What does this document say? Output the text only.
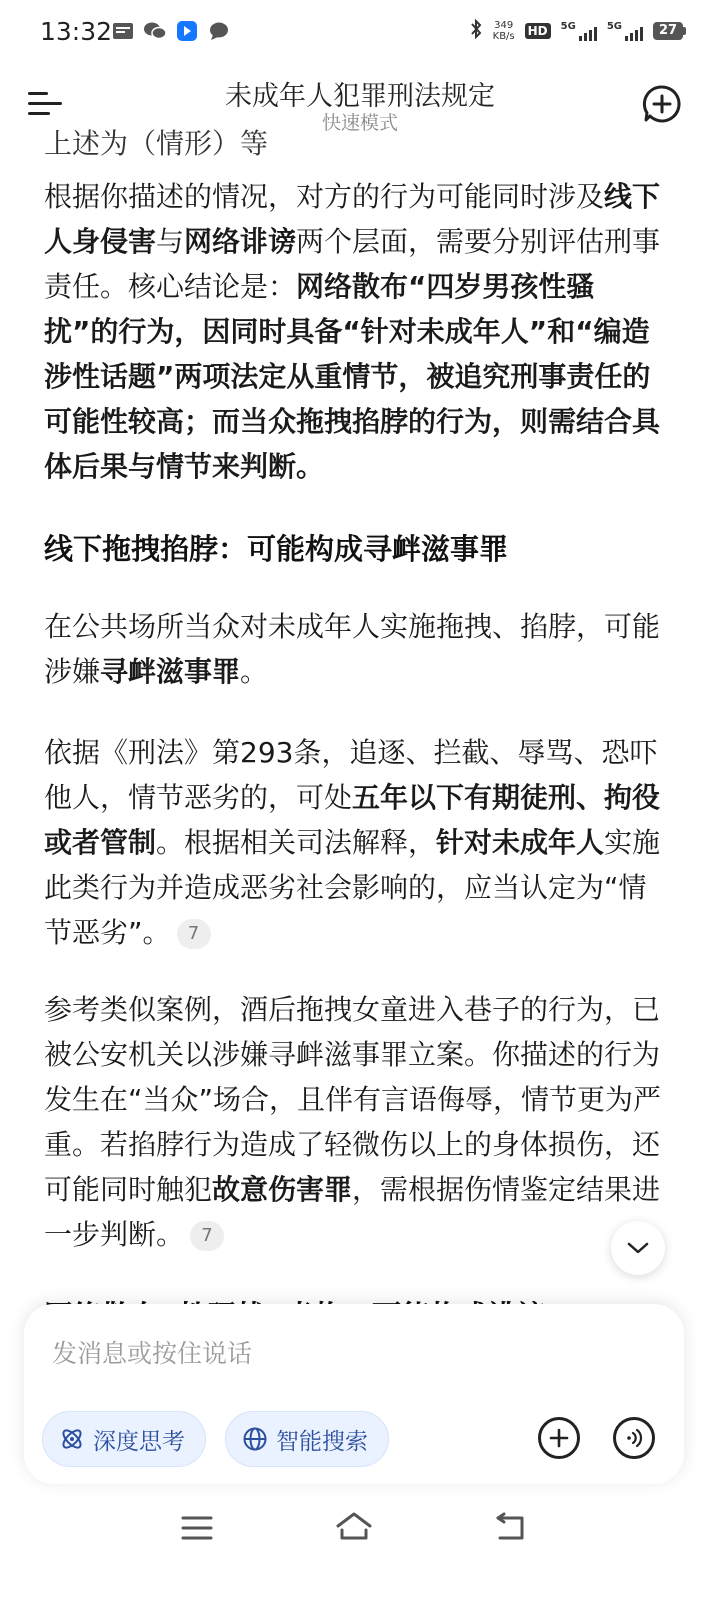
13:32	349
KB/s HD	5G	5G	27
未成年人犯罪刑法规定
快速模式
上述为（情形）等
根据你描述的情况，对方的行为可能同时涉及线下人身侵害与网络诽谤两个层面，需要分别评估刑事责任。核心结论是：网络散布“四岁男孩性骚扰”的行为，因同时具备“针对未成年人”和“编造涉性话题”两项法定从重情节，被追究刑事责任的可能性较高；而当众拖拽掐脖的行为，则需结合具体后果与情节来判断。
线下拖拽掐脖：可能构成寻衅滋事罪
在公共场所当众对未成年人实施拖拽、掐脖，可能涉嫌寻衅滋事罪。
依据《刑法》第293条，追逐、拦截、辱骂、恐吓他人，情节恶劣的，可处五年以下有期徒刑、拘役或者管制。根据相关司法解释，针对未成年人实施此类行为并造成恶劣社会影响的，应当认定为“情节恶劣”。 7
参考类似案例，酒后拖拽女童进入巷子的行为，已被公安机关以涉嫌寻衅滋事罪立案。你描述的行为发生在“当众”场合，且伴有言语侮辱，情节更为严重。若掐脖行为造成了轻微伤以上的身体损伤，还可能同时触犯故意伤害罪，需根据伤情鉴定结果进一步判断。 7
发消息或按住说话
深度思考	智能搜索
